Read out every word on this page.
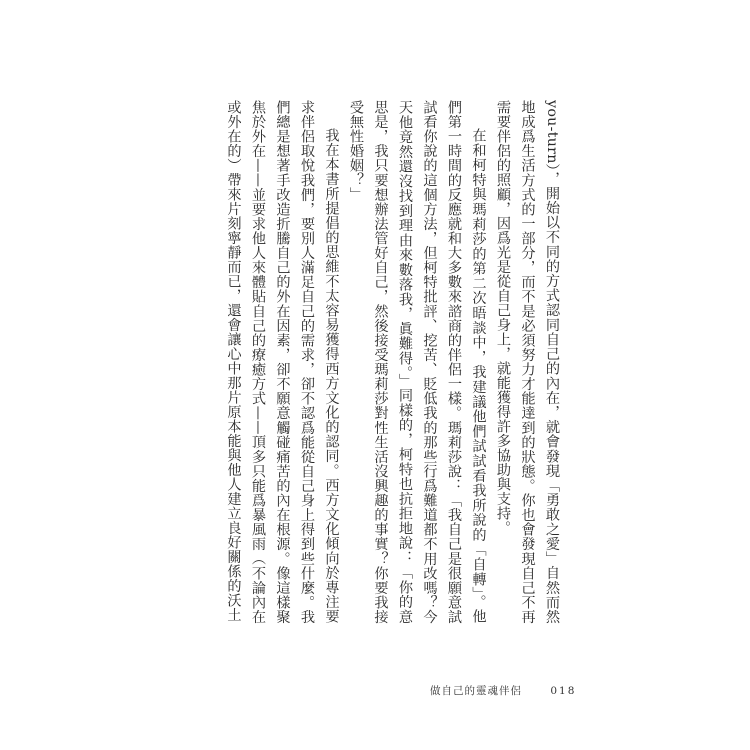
you-turn），開始以不同的方式認同自己的內在，就會發現「勇敢之愛」自然而然地成爲生活方式的一部分，而不是必須努力才能達到的狀態。你也會發現自己不再需要伴侶的照顧，因爲光是從自己身上，就能獲得許多協助與支持。

在和柯特與瑪莉莎的第二次晤談中，我建議他們試試看我所說的「自轉」。他們第一時間的反應就和大多數來諮商的伴侶一樣。瑪莉莎說：「我自己是很願意試試看你說的這個方法，但柯特批評、挖苦、貶低我的那些行爲難道都不用改嗎？今天他竟然還沒找到理由來數落我，眞難得。」同樣的，柯特也抗拒地說：「你的意思是，我只要想辦法管好自己，然後接受瑪莉莎對性生活沒興趣的事實？你要我接受無性婚姻？」

我在本書所提倡的思維不太容易獲得西方文化的認同。西方文化傾向於專注要求伴侶取悅我們，要別人滿足自己的需求，卻不認爲能從自己身上得到些什麼。我們總是想著手改造折騰自己的外在因素，卻不願意觸碰痛苦的內在根源。像這樣聚焦於外在——並要求他人來體貼自己的療癒方式——頂多只能爲暴風雨（不論內在或外在的）帶來片刻寧靜而已，還會讓心中那片原本能與他人建立良好關係的沃土

做自己的靈魂伴侶	018
